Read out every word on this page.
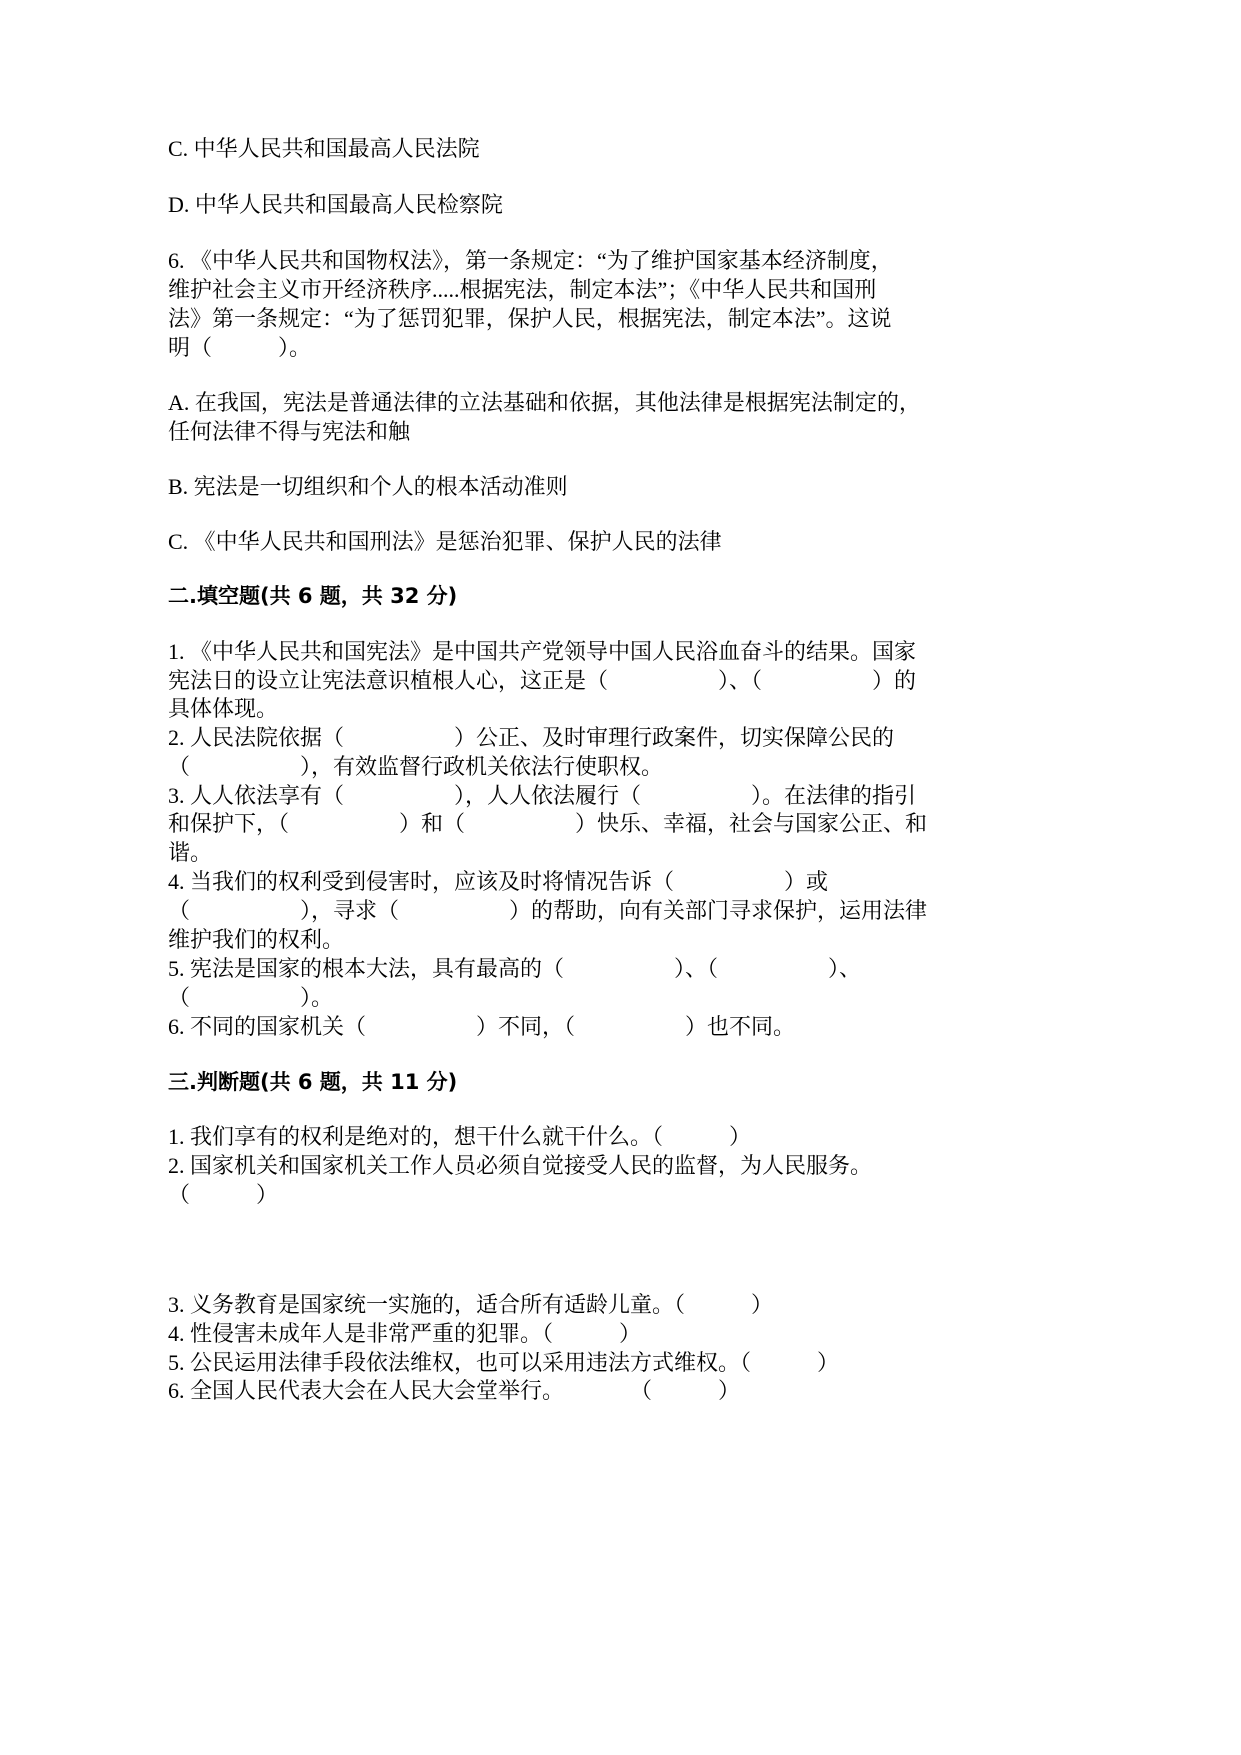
C. 中华人民共和国最高人民法院
D. 中华人民共和国最高人民检察院
6. 《中华人民共和国物权法》，第一条规定：“为了维护国家基本经济制度，
维护社会主义市开经济秩序.....根据宪法，制定本法”；《中华人民共和国刑
法》第一条规定：“为了惩罚犯罪，保护人民，根据宪法，制定本法”。这说
明（　　　）。
A. 在我国，宪法是普通法律的立法基础和依据，其他法律是根据宪法制定的，
任何法律不得与宪法和触
B. 宪法是一切组织和个人的根本活动准则
C. 《中华人民共和国刑法》是惩治犯罪、保护人民的法律
二.填空题(共 6 题，共 32 分)
1. 《中华人民共和国宪法》是中国共产党领导中国人民浴血奋斗的结果。国家
宪法日的设立让宪法意识植根人心，这正是（　　　　　）、（　　　　　）的
具体体现。
2. 人民法院依据（　　　　　）公正、及时审理行政案件，切实保障公民的
（　　　　　），有效监督行政机关依法行使职权。
3. 人人依法享有（　　　　　），人人依法履行（　　　　　）。在法律的指引
和保护下，（　　　　　）和（　　　　　）快乐、幸福，社会与国家公正、和
谐。
4. 当我们的权利受到侵害时，应该及时将情况告诉（　　　　　）或
（　　　　　），寻求（　　　　　）的帮助，向有关部门寻求保护，运用法律
维护我们的权利。
5. 宪法是国家的根本大法，具有最高的（　　　　　）、（　　　　　）、
（　　　　　）。
6. 不同的国家机关（　　　　　）不同，（　　　　　）也不同。
三.判断题(共 6 题，共 11 分)
1. 我们享有的权利是绝对的，想干什么就干什么。（　　　）
2. 国家机关和国家机关工作人员必须自觉接受人民的监督，为人民服务。
（　　　）
3. 义务教育是国家统一实施的，适合所有适龄儿童。（　　　）
4. 性侵害未成年人是非常严重的犯罪。（　　　）
5. 公民运用法律手段依法维权，也可以采用违法方式维权。（　　　）
6. 全国人民代表大会在人民大会堂举行。　　　　（　　　）
